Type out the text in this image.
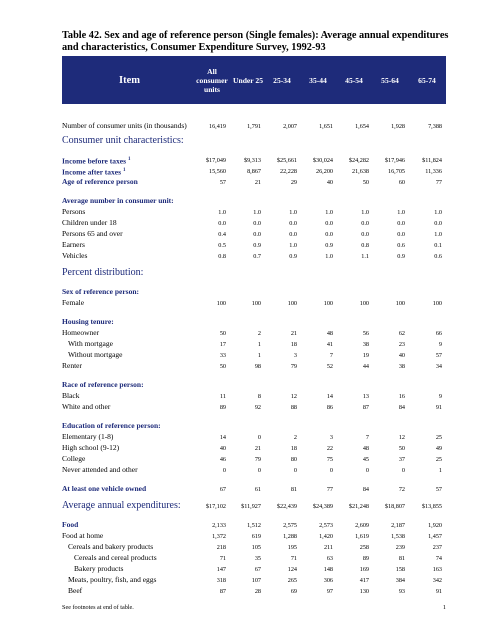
Table 42. Sex and age of reference person (Single females): Average annual expenditures and characteristics, Consumer Expenditure Survey, 1992-93
Item
All consumer units
Under 25	25-34	35-44	45-54	55-64	65-74
Number of consumer units (in thousands)	16,419	1,791	2,007	1,651	1,654	1,928	7,388
Consumer unit characteristics:
Income before taxes $^1$	$17,049	$9,313	$25,661	$30,024	$24,282	$17,946	$11,824
Income after taxes $^1$	15,560	8,867	22,228	26,200	21,638	16,705	11,336
Age of reference person	57	21	29	40	50	60	77
Average number in consumer unit:
Persons	1.0	1.0	1.0	1.0	1.0	1.0	1.0
Children under 18	0.0	0.0	0.0	0.0	0.0	0.0	0.0
Persons 65 and over	0.4	0.0	0.0	0.0	0.0	0.0	1.0
Earners	0.5	0.9	1.0	0.9	0.8	0.6	0.1
Vehicles	0.8	0.7	0.9	1.0	1.1	0.9	0.6
Percent distribution:
Sex of reference person:
Female	100	100	100	100	100	100	100
Housing tenure:
Homeowner	50	2	21	48	56	62	66
With mortgage	17	1	18	41	38	23	9
Without mortgage	33	1	3	7	19	40	57
Renter	50	98	79	52	44	38	34
Race of reference person:
Black	11	8	12	14	13	16	9
White and other	89	92	88	86	87	84	91
Education of reference person:
Elementary (1-8)	14	0	2	3	7	12	25
High school (9-12)	40	21	18	22	48	50	49
College	46	79	80	75	45	37	25
Never attended and other	0	0	0	0	0	0	1
At least one vehicle owned	67	61	81	77	84	72	57
Average annual expenditures:	$17,102	$11,927	$22,439	$24,389	$21,248	$18,807	$13,855
Food	2,133	1,512	2,575	2,573	2,609	2,187	1,920
Food at home	1,372	619	1,288	1,420	1,619	1,538	1,457
Cereals and bakery products	218	105	195	211	258	239	237
Cereals and cereal products	71	35	71	63	89	81	74
Bakery products	147	67	124	148	169	158	163
Meats, poultry, fish, and eggs	318	107	265	306	417	384	342
Beef	87	28	69	97	130	93	91
See footnotes at end of table.	1
